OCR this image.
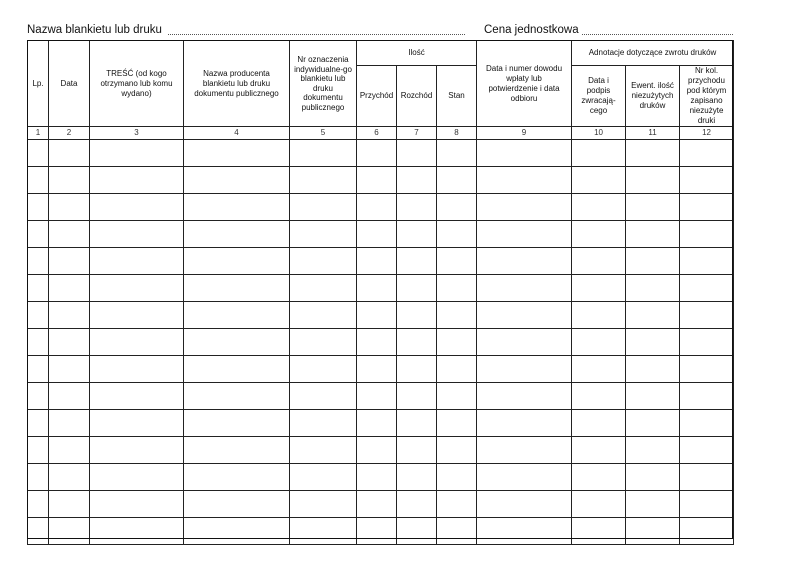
Nazwa blankietu lub druku	Cena jednostkowa
Lp.	Data	TREŚĆ (od kogo otrzymano lub komu wydano)	Nazwa producenta blankietu lub druku dokumentu publicznego	Nr oznaczenia indywidualne-go blankietu lub druku dokumentu publicznego	Ilość			Data i numer dowodu wpłaty lub potwierdzenie i data odbioru	Adnotacje dotyczące zwrotu druków		
					Przychód	Rozchód	Stan		Data i podpis zwracają-cego	Ewent. ilość niezużytych druków	Nr kol. przychodu pod którym zapisano niezużyte druki
1	2	3	4	5	6	7	8	9	10	11	12
